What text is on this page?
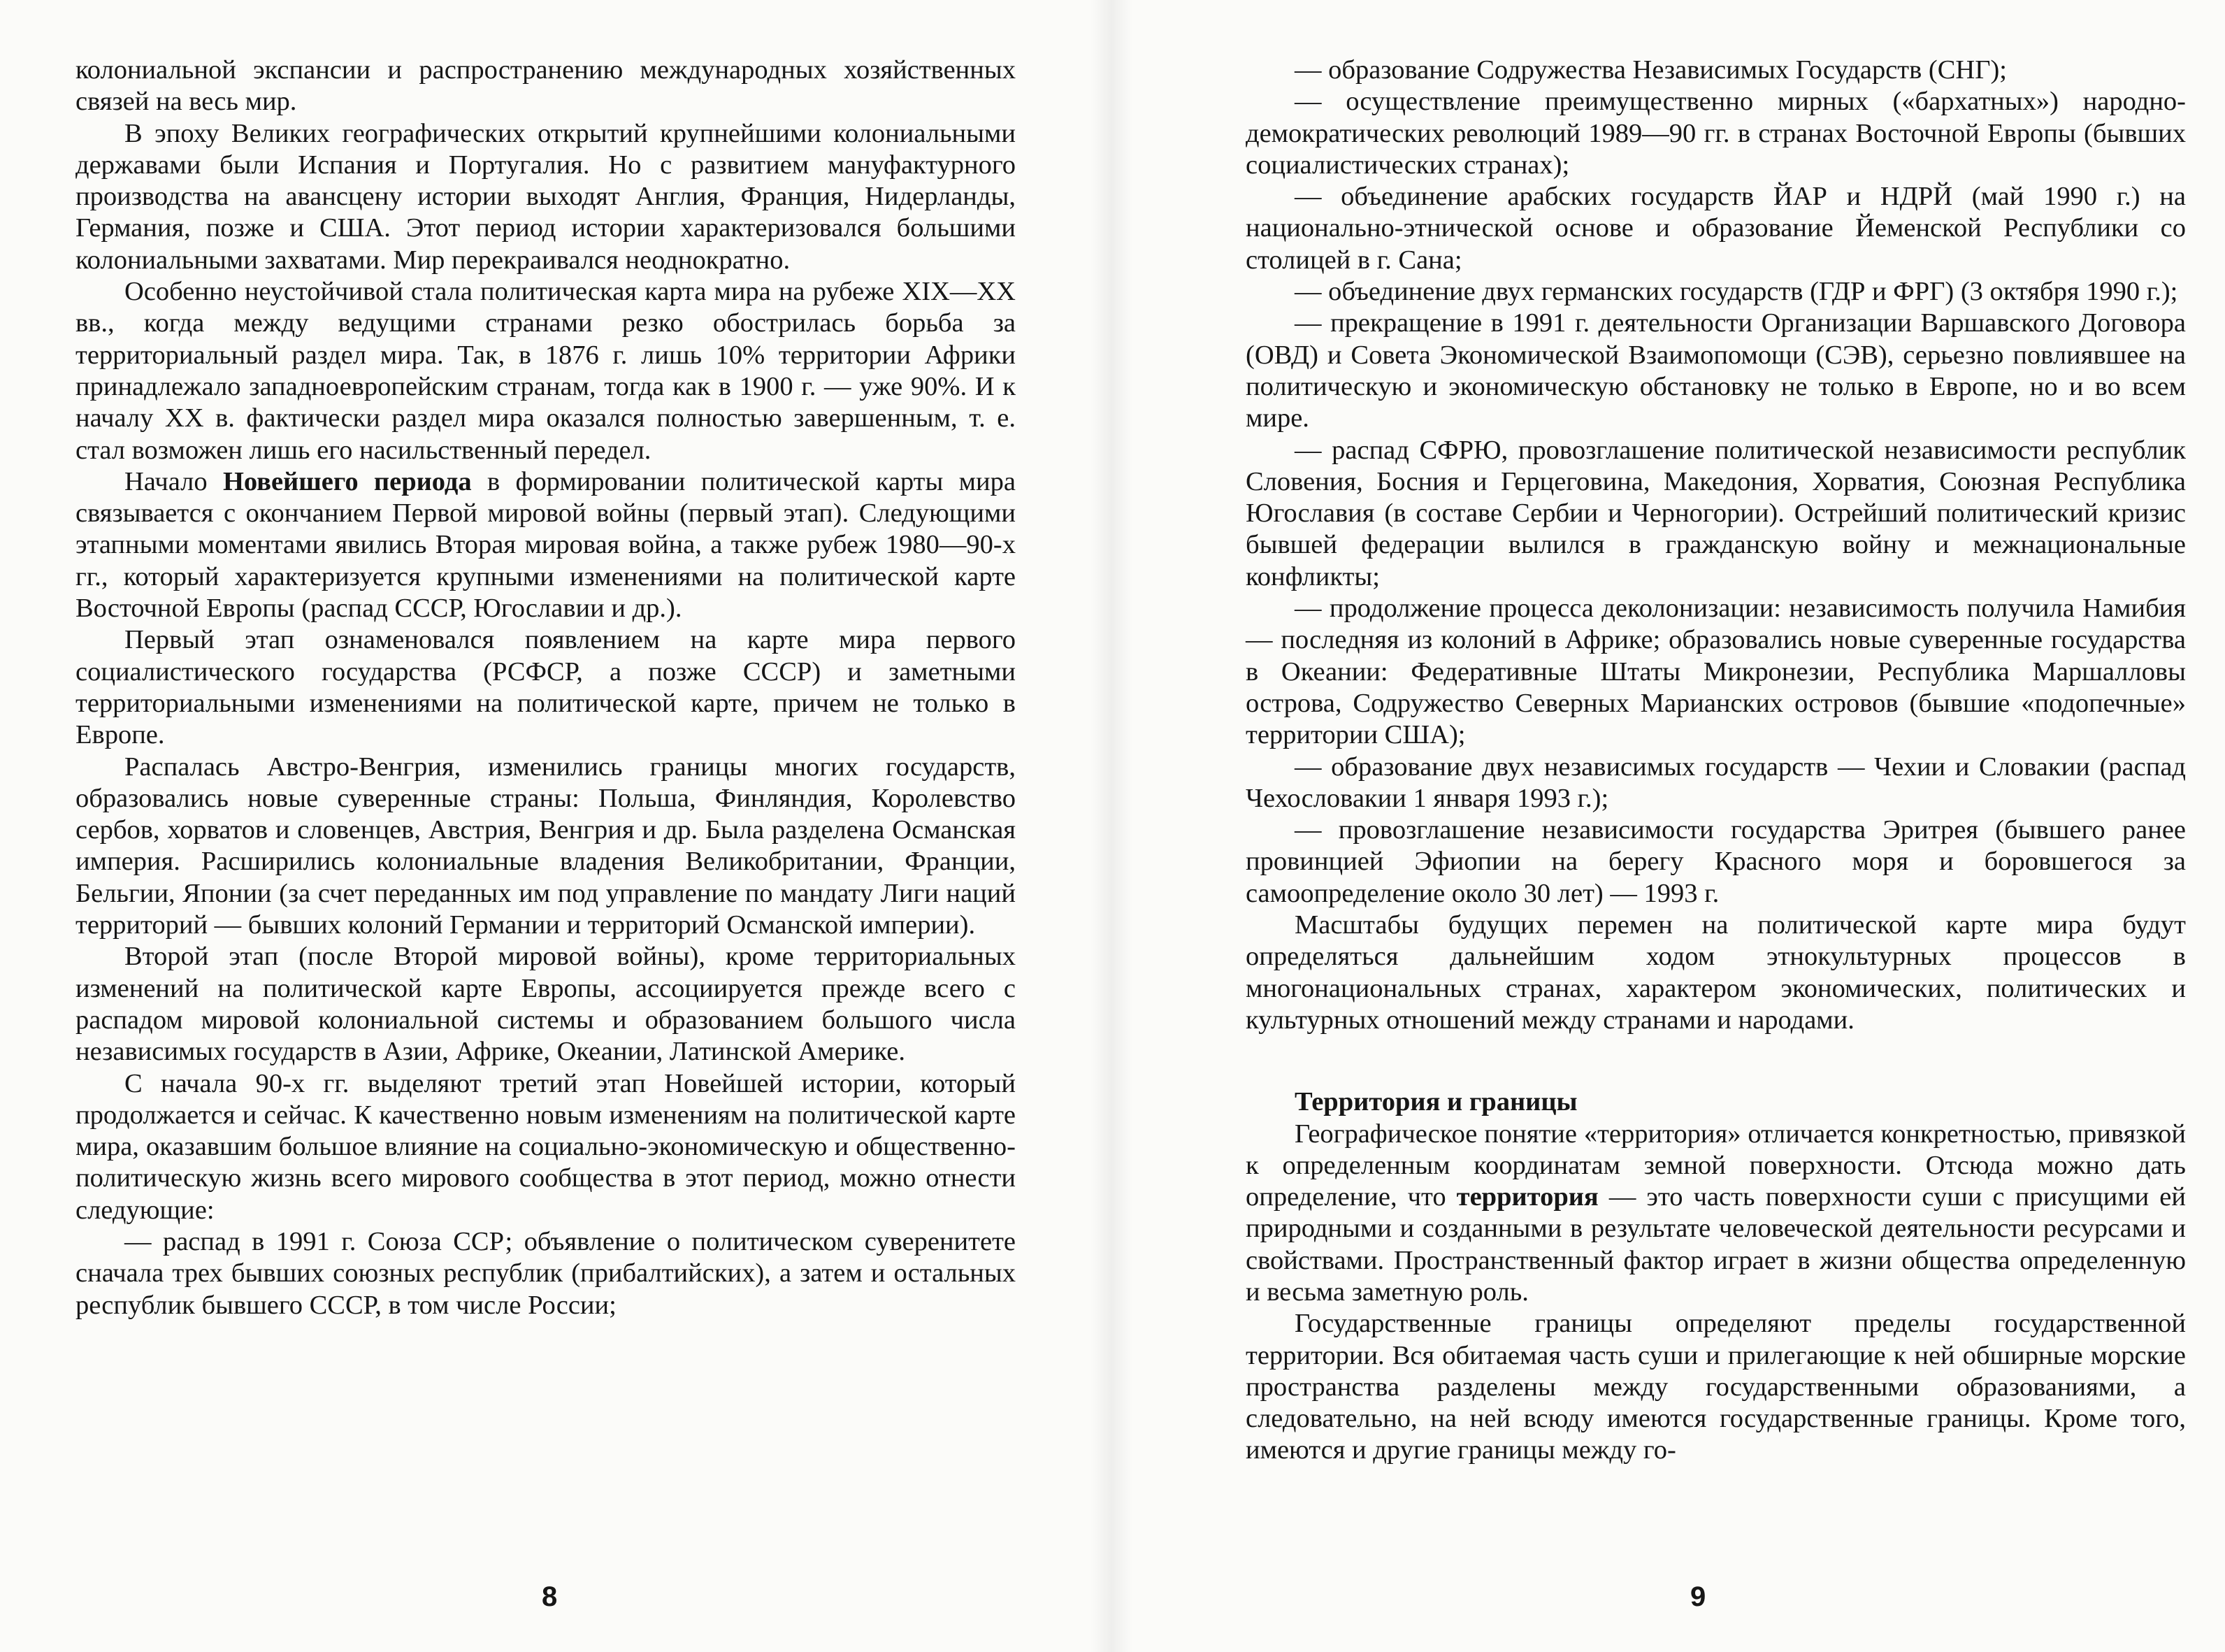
колониальной экспансии и распространению международных хозяйственных связей на весь мир.

В эпоху Великих географических открытий крупнейшими колониальными державами были Испания и Португалия. Но с развитием мануфактурного производства на авансцену истории выходят Англия, Франция, Нидерланды, Германия, позже и США. Этот период истории характеризовался большими колониальными захватами. Мир перекраивался неоднократно.

Особенно неустойчивой стала политическая карта мира на рубеже XIX—XX вв., когда между ведущими странами резко обострилась борьба за территориальный раздел мира. Так, в 1876 г. лишь 10% территории Африки принадлежало западноевропейским странам, тогда как в 1900 г. — уже 90%. И к началу XX в. фактически раздел мира оказался полностью завершенным, т. е. стал возможен лишь его насильственный передел.

Начало Новейшего периода в формировании политической карты мира связывается с окончанием Первой мировой войны (первый этап). Следующими этапными моментами явились Вторая мировая война, а также рубеж 1980—90-х гг., который характеризуется крупными изменениями на политической карте Восточной Европы (распад СССР, Югославии и др.).

Первый этап ознаменовался появлением на карте мира первого социалистического государства (РСФСР, а позже СССР) и заметными территориальными изменениями на политической карте, причем не только в Европе.

Распалась Австро-Венгрия, изменились границы многих государств, образовались новые суверенные страны: Польша, Финляндия, Королевство сербов, хорватов и словенцев, Австрия, Венгрия и др. Была разделена Османская империя. Расширились колониальные владения Великобритании, Франции, Бельгии, Японии (за счет переданных им под управление по мандату Лиги наций территорий — бывших колоний Германии и территорий Османской империи).

Второй этап (после Второй мировой войны), кроме территориальных изменений на политической карте Европы, ассоциируется прежде всего с распадом мировой колониальной системы и образованием большого числа независимых государств в Азии, Африке, Океании, Латинской Америке.

С начала 90-х гг. выделяют третий этап Новейшей истории, который продолжается и сейчас. К качественно новым изменениям на политической карте мира, оказавшим большое влияние на социально-экономическую и общественно-политическую жизнь всего мирового сообщества в этот период, можно отнести следующие:

— распад в 1991 г. Союза ССР; объявление о политическом суверенитете сначала трех бывших союзных республик (прибалтийских), а затем и остальных республик бывшего СССР, в том числе России;

8

— образование Содружества Независимых Государств (СНГ);

— осуществление преимущественно мирных («бархатных») народно-демократических революций 1989—90 гг. в странах Восточной Европы (бывших социалистических странах);

— объединение арабских государств ЙАР и НДРЙ (май 1990 г.) на национально-этнической основе и образование Йеменской Республики со столицей в г. Сана;

— объединение двух германских государств (ГДР и ФРГ) (3 октября 1990 г.);

— прекращение в 1991 г. деятельности Организации Варшавского Договора (ОВД) и Совета Экономической Взаимопомощи (СЭВ), серьезно повлиявшее на политическую и экономическую обстановку не только в Европе, но и во всем мире.

— распад СФРЮ, провозглашение политической независимости республик Словения, Босния и Герцеговина, Македония, Хорватия, Союзная Республика Югославия (в составе Сербии и Черногории). Острейший политический кризис бывшей федерации вылился в гражданскую войну и межнациональные конфликты;

— продолжение процесса деколонизации: независимость получила Намибия — последняя из колоний в Африке; образовались новые суверенные государства в Океании: Федеративные Штаты Микронезии, Республика Маршалловы острова, Содружество Северных Марианских островов (бывшие «подопечные» территории США);

— образование двух независимых государств — Чехии и Словакии (распад Чехословакии 1 января 1993 г.);

— провозглашение независимости государства Эритрея (бывшего ранее провинцией Эфиопии на берегу Красного моря и боровшегося за самоопределение около 30 лет) — 1993 г.

Масштабы будущих перемен на политической карте мира будут определяться дальнейшим ходом этнокультурных процессов в многонациональных странах, характером экономических, политических и культурных отношений между странами и народами.

Территория и границы

Географическое понятие «территория» отличается конкретностью, привязкой к определенным координатам земной поверхности. Отсюда можно дать определение, что территория — это часть поверхности суши с присущими ей природными и созданными в результате человеческой деятельности ресурсами и свойствами. Пространственный фактор играет в жизни общества определенную и весьма заметную роль.

Государственные границы определяют пределы государственной территории. Вся обитаемая часть суши и прилегающие к ней обширные морские пространства разделены между государственными образованиями, а следовательно, на ней всюду имеются государственные границы. Кроме того, имеются и другие границы между го-

9
